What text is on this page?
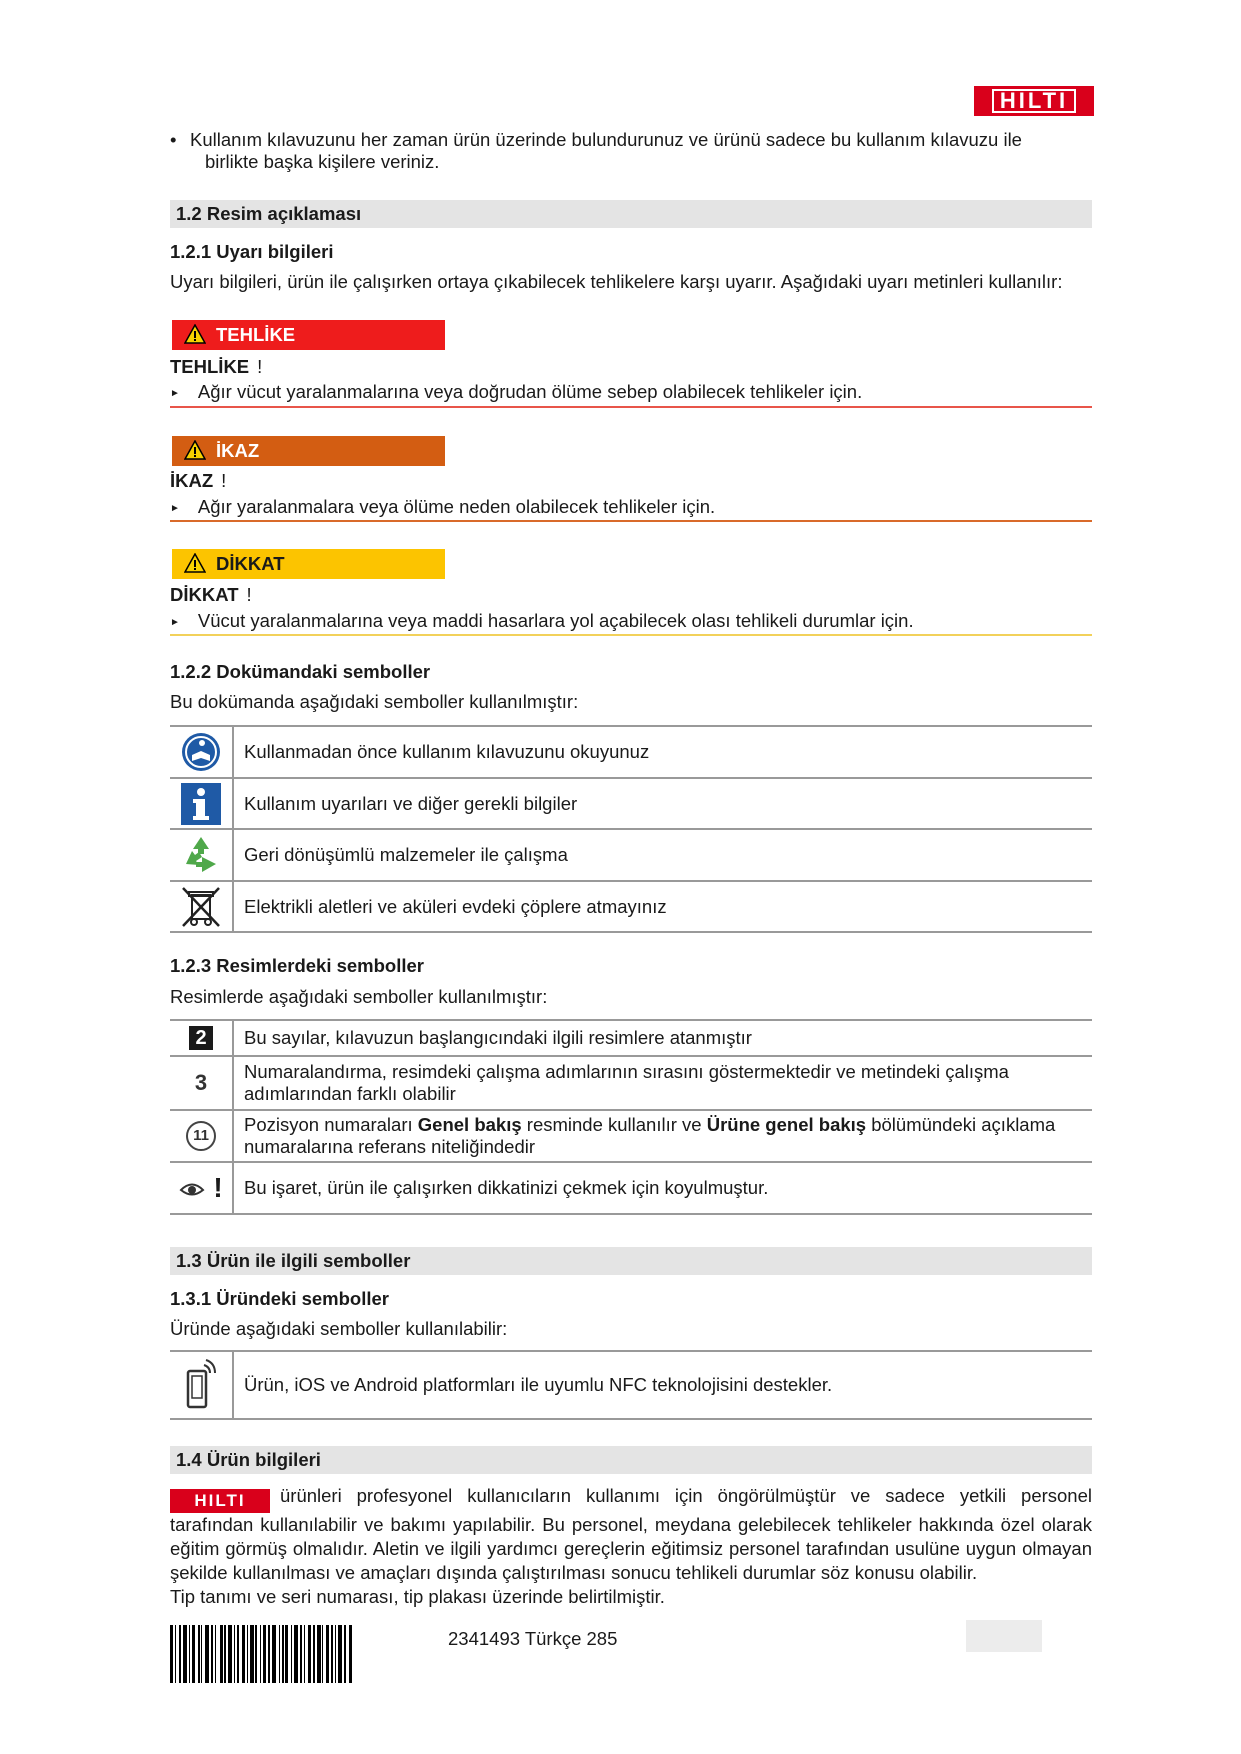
HILTI
• Kullanım kılavuzunu her zaman ürün üzerinde bulundurunuz ve ürünü sadece bu kullanım kılavuzu ile
birlikte başka kişilere veriniz.
1.2 Resim açıklaması
1.2.1 Uyarı bilgileri
Uyarı bilgileri, ürün ile çalışırken ortaya çıkabilecek tehlikelere karşı uyarır. Aşağıdaki uyarı metinleri kullanılır:
TEHLİKE
TEHLİKE !
► Ağır vücut yaralanmalarına veya doğrudan ölüme sebep olabilecek tehlikeler için.
İKAZ
İKAZ !
► Ağır yaralanmalara veya ölüme neden olabilecek tehlikeler için.
DİKKAT
DİKKAT !
► Vücut yaralanmalarına veya maddi hasarlara yol açabilecek olası tehlikeli durumlar için.
1.2.2 Dokümandaki semboller
Bu dokümanda aşağıdaki semboller kullanılmıştır:
Kullanmadan önce kullanım kılavuzunu okuyunuz
Kullanım uyarıları ve diğer gerekli bilgiler
Geri dönüşümlü malzemeler ile çalışma
Elektrikli aletleri ve aküleri evdeki çöplere atmayınız
1.2.3 Resimlerdeki semboller
Resimlerde aşağıdaki semboller kullanılmıştır:
2	Bu sayılar, kılavuzun başlangıcındaki ilgili resimlere atanmıştır
3 Numaralandırma, resimdeki çalışma adımlarının sırasını göstermektedir ve metindeki çalışma
adımlarından farklı olabilir
11
Pozisyon numaraları Genel bakış resminde kullanılır ve Ürüne genel bakış bölümündeki açıklama
numaralarına referans niteliğindedir
!	Bu işaret, ürün ile çalışırken dikkatinizi çekmek için koyulmuştur.
1.3 Ürün ile ilgili semboller
1.3.1 Üründeki semboller
Üründe aşağıdaki semboller kullanılabilir:
Ürün, iOS ve Android platformları ile uyumlu NFC teknolojisini destekler.
1.4 Ürün bilgileri
HILTI ürünleri profesyonel kullanıcıların kullanımı için öngörülmüştür ve sadece yetkili personel tarafından kullanılabilir ve bakımı yapılabilir. Bu personel, meydana gelebilecek tehlikeler hakkında özel olarak eğitim görmüş olmalıdır. Aletin ve ilgili yardımcı gereçlerin eğitimsiz personel tarafından usulüne uygun olmayan şekilde kullanılması ve amaçları dışında çalıştırılması sonucu tehlikeli durumlar söz konusu olabilir.
Tip tanımı ve seri numarası, tip plakası üzerinde belirtilmiştir.
2341493 Türkçe 285
